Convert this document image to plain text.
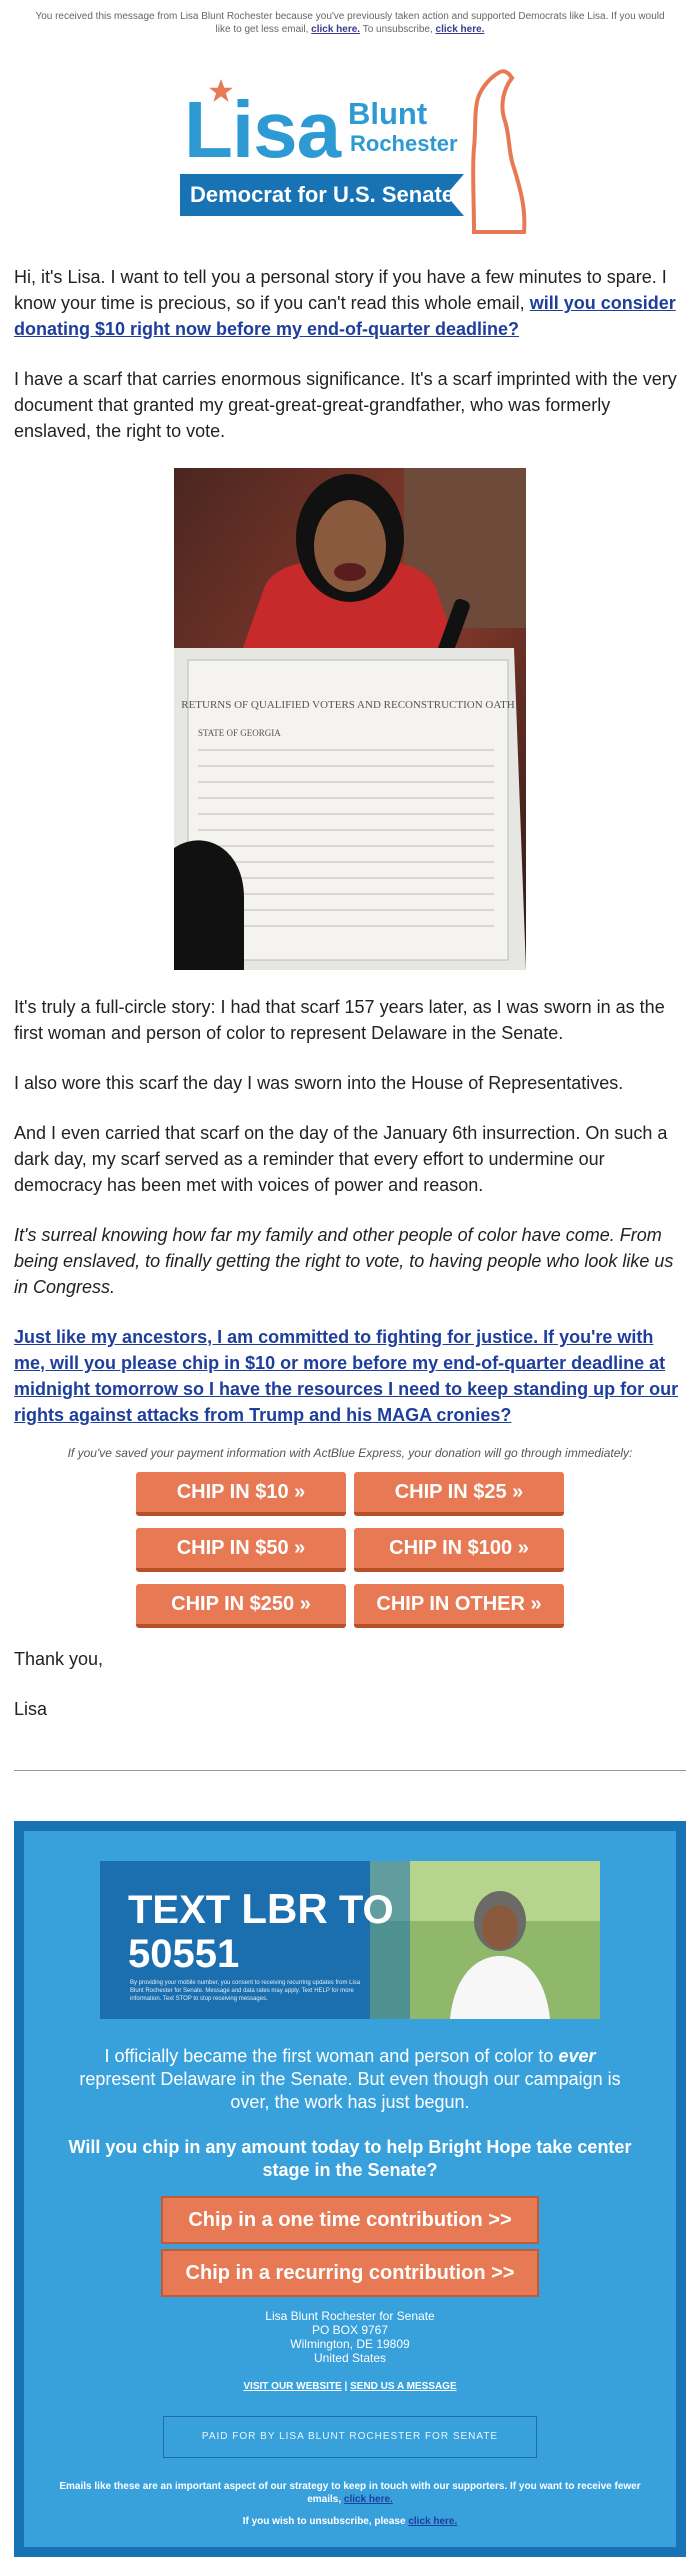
You received this message from Lisa Blunt Rochester because you've previously taken action and supported Democrats like Lisa. If you would like to get less email, click here. To unsubscribe, click here.
Lisa Blunt
Rochester
Democrat for U.S. Senate

Hi, it's Lisa. I want to tell you a personal story if you have a few minutes to spare. I know your time is precious, so if you can't read this whole email, will you consider donating $10 right now before my end-of-quarter deadline?

I have a scarf that carries enormous significance. It's a scarf imprinted with the very document that granted my great-great-great-grandfather, who was formerly enslaved, the right to vote.

RETURNS OF QUALIFIED VOTERS AND RECONSTRUCTION OATH
STATE OF GEORGIA

It's truly a full-circle story: I had that scarf 157 years later, as I was sworn in as the first woman and person of color to represent Delaware in the Senate.

I also wore this scarf the day I was sworn into the House of Representatives.

And I even carried that scarf on the day of the January 6th insurrection. On such a dark day, my scarf served as a reminder that every effort to undermine our democracy has been met with voices of power and reason.

It's surreal knowing how far my family and other people of color have come. From being enslaved, to finally getting the right to vote, to having people who look like us in Congress.

Just like my ancestors, I am committed to fighting for justice. If you're with me, will you please chip in $10 or more before my end-of-quarter deadline at midnight tomorrow so I have the resources I need to keep standing up for our rights against attacks from Trump and his MAGA cronies?

If you've saved your payment information with ActBlue Express, your donation will go through immediately:
CHIP IN $10 »	CHIP IN $25 »
CHIP IN $50 »	CHIP IN $100 »
CHIP IN $250 »	CHIP IN OTHER »

Thank you,

Lisa

TEXT LBR TO
50551
By providing your mobile number, you consent to receiving recurring updates from Lisa Blunt Rochester for Senate. Message and data rates may apply. Text HELP for more information. Text STOP to stop receiving messages.

I officially became the first woman and person of color to ever represent Delaware in the Senate. But even though our campaign is over, the work has just begun.

Will you chip in any amount today to help Bright Hope take center stage in the Senate?

Chip in a one time contribution >>
Chip in a recurring contribution >>
Lisa Blunt Rochester for Senate
PO BOX 9767
Wilmington, DE 19809
United States
VISIT OUR WEBSITE | SEND US A MESSAGE
PAID FOR BY LISA BLUNT ROCHESTER FOR SENATE

Emails like these are an important aspect of our strategy to keep in touch with our supporters. If you want to receive fewer emails, click here.

If you wish to unsubscribe, please click here.
